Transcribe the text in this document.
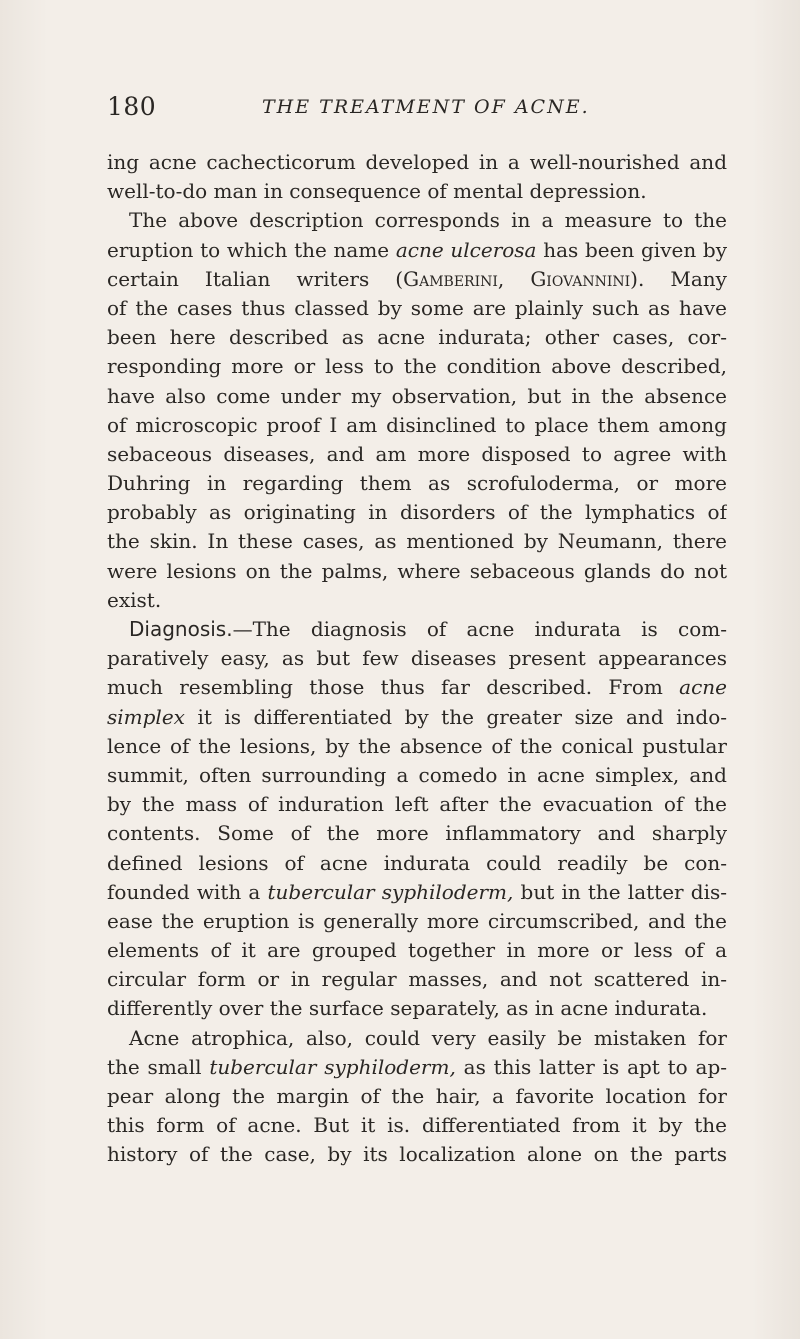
180	THE TREATMENT OF ACNE.
ing acne cachecticorum developed in a well-nourished and
well-to-do man in consequence of mental depression.
The above description corresponds in a measure to the
eruption to which the name acne ulcerosa has been given by
certain Italian writers (Gamberini, Giovannini). Many
of the cases thus classed by some are plainly such as have
been here described as acne indurata; other cases, cor-
responding more or less to the condition above described,
have also come under my observation, but in the absence
of microscopic proof I am disinclined to place them among
sebaceous diseases, and am more disposed to agree with
Duhring in regarding them as scrofuloderma, or more
probably as originating in disorders of the lymphatics of
the skin. In these cases, as mentioned by Neumann, there
were lesions on the palms, where sebaceous glands do not
exist.
Diagnosis.—The diagnosis of acne indurata is com-
paratively easy, as but few diseases present appearances
much resembling those thus far described. From acne
simplex it is differentiated by the greater size and indo-
lence of the lesions, by the absence of the conical pustular
summit, often surrounding a comedo in acne simplex, and
by the mass of induration left after the evacuation of the
contents. Some of the more inflammatory and sharply
defined lesions of acne indurata could readily be con-
founded with a tubercular syphiloderm, but in the latter dis-
ease the eruption is generally more circumscribed, and the
elements of it are grouped together in more or less of a
circular form or in regular masses, and not scattered in-
differently over the surface separately, as in acne indurata.
Acne atrophica, also, could very easily be mistaken for
the small tubercular syphiloderm, as this latter is apt to ap-
pear along the margin of the hair, a favorite location for
this form of acne. But it is. differentiated from it by the
history of the case, by its localization alone on the parts
